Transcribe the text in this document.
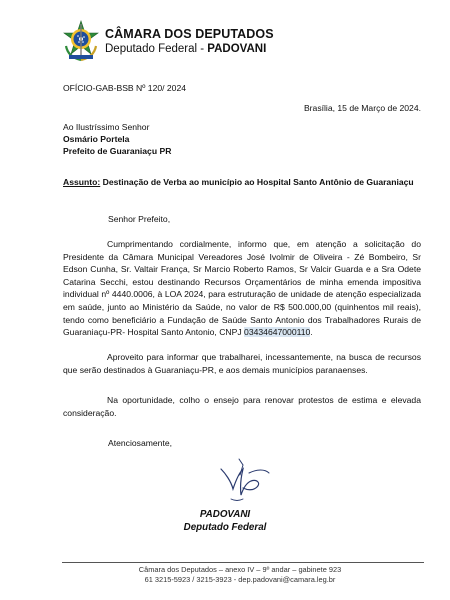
CÂMARA DOS DEPUTADOS
Deputado Federal - PADOVANI
OFÍCIO-GAB-BSB Nº 120/ 2024
Brasília, 15 de Março de 2024.
Ao Ilustríssimo Senhor
Osmário Portela
Prefeito de Guaraniaçu PR
Assunto: Destinação de Verba ao município ao Hospital Santo Antônio de Guaraniaçu
Senhor Prefeito,
Cumprimentando cordialmente, informo que, em atenção a solicitação do Presidente da Câmara Municipal Vereadores José Ivolmir de Oliveira - Zé Bombeiro, Sr Edson Cunha, Sr. Valtair França, Sr Marcio Roberto Ramos, Sr Valcir Guarda e a Sra Odete Catarina Secchi, estou destinando Recursos Orçamentários de minha emenda impositiva individual nº 4440.0006, à LOA 2024, para estruturação de unidade de atenção especializada em saúde, junto ao Ministério da Saúde, no valor de R$ 500.000,00 (quinhentos mil reais), tendo como beneficiário a Fundação de Saúde Santo Antonio dos Trabalhadores Rurais de Guaraniaçu-PR- Hospital Santo Antonio, CNPJ 03434647000110.
Aproveito para informar que trabalharei, incessantemente, na busca de recursos que serão destinados à Guaraniaçu-PR, e aos demais municípios paranaenses.
Na oportunidade, colho o ensejo para renovar protestos de estima e elevada consideração.
Atenciosamente,
PADOVANI
Deputado Federal
Câmara dos Deputados – anexo IV – 9º andar – gabinete 923
61 3215-5923 / 3215-3923 - dep.padovani@camara.leg.br
